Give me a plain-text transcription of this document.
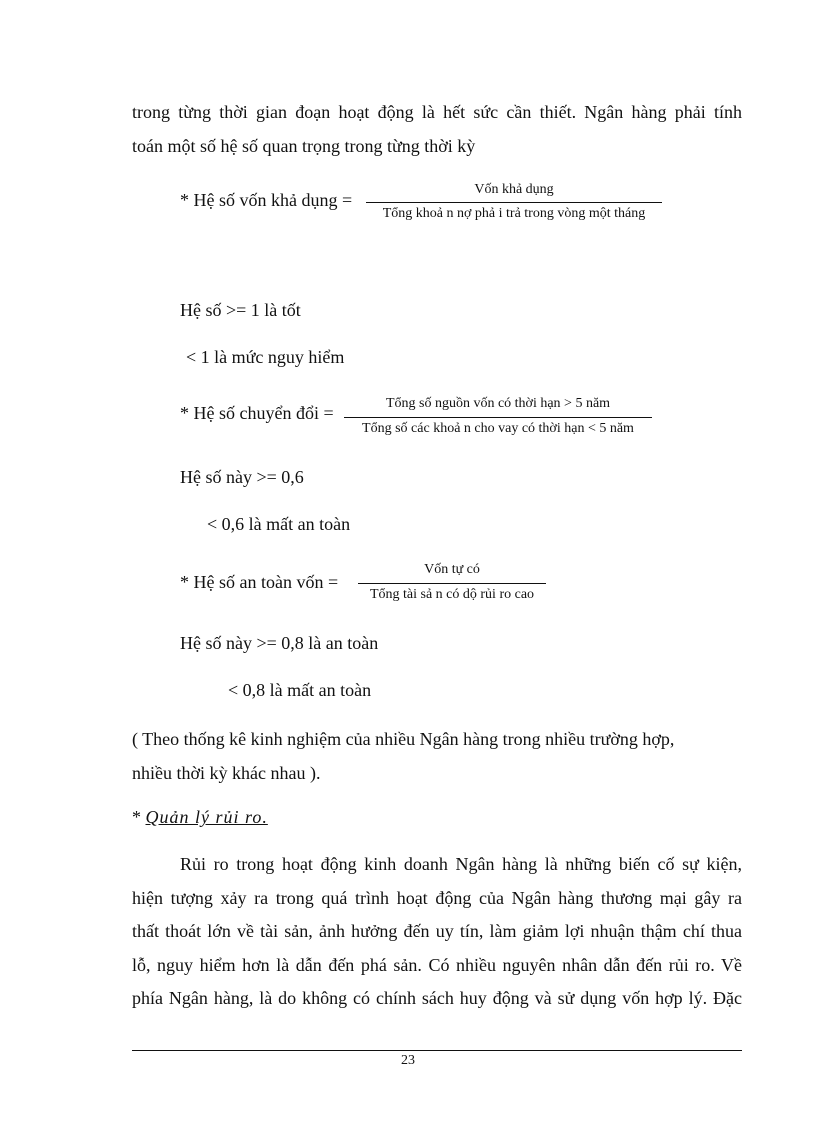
trong từng thời gian đoạn hoạt động là hết sức cần thiết. Ngân hàng phải tính
toán một số hệ số quan trọng trong từng thời kỳ
* Hệ số vốn khả dụng =
Vốn khả dụng
Tổng khoả n nợ phả i trả trong vòng một tháng
Hệ số >= 1 là tốt
< 1 là mức nguy hiểm
* Hệ số chuyển đổi =	Tổng số nguồn vốn có thời hạn > 5 năm
Tổng số các khoả n cho vay có thời hạn < 5 năm
Hệ số này >= 0,6
< 0,6 là mất an toàn
* Hệ số an toàn vốn =
Vốn tự có
Tổng tài sả n có dộ rủi ro cao
Hệ số này >= 0,8 là an toàn
< 0,8 là mất an toàn
( Theo thống kê kinh nghiệm của nhiều Ngân hàng trong nhiều trường hợp,
nhiều thời kỳ khác nhau ).
* Quản lý rủi ro.
Rủi ro trong hoạt động kinh doanh Ngân hàng là những biến cố sự kiện,
hiện tượng xảy ra trong quá trình hoạt động của Ngân hàng thương mại gây ra
thất thoát lớn về tài sản, ảnh hưởng đến uy tín, làm giảm lợi nhuận thậm chí thua
lỗ, nguy hiểm hơn là dẫn đến phá sản. Có nhiều nguyên nhân dẫn đến rủi ro. Về
phía Ngân hàng, là do không có chính sách huy động và sử dụng vốn hợp lý. Đặc
23
